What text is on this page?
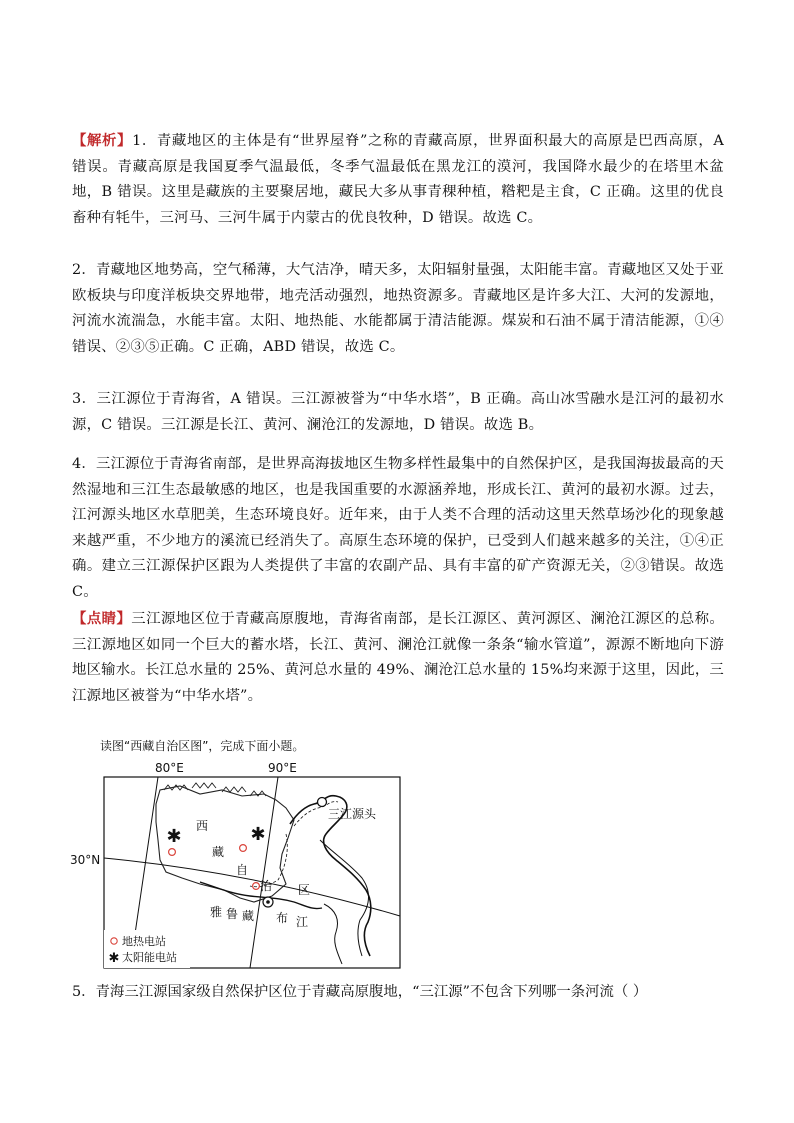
【解析】1．青藏地区的主体是有“世界屋脊”之称的青藏高原，世界面积最大的高原是巴西高原，A 错误。青藏高原是我国夏季气温最低，冬季气温最低在黑龙江的漠河，我国降水最少的在塔里木盆地，B 错误。这里是藏族的主要聚居地，藏民大多从事青稞种植，糌粑是主食，C 正确。这里的优良畜种有牦牛，三河马、三河牛属于内蒙古的优良牧种，D 错误。故选 C。

2．青藏地区地势高，空气稀薄，大气洁净，晴天多，太阳辐射量强，太阳能丰富。青藏地区又处于亚欧板块与印度洋板块交界地带，地壳活动强烈，地热资源多。青藏地区是许多大江、大河的发源地，河流水流湍急，水能丰富。太阳、地热能、水能都属于清洁能源。煤炭和石油不属于清洁能源，①④错误、②③⑤正确。C 正确，ABD 错误，故选 C。

3．三江源位于青海省，A 错误。三江源被誉为“中华水塔”，B 正确。高山冰雪融水是江河的最初水源，C 错误。三江源是长江、黄河、澜沧江的发源地，D 错误。故选 B。

4．三江源位于青海省南部，是世界高海拔地区生物多样性最集中的自然保护区，是我国海拔最高的天然湿地和三江生态最敏感的地区，也是我国重要的水源涵养地，形成长江、黄河的最初水源。过去，江河源头地区水草肥美，生态环境良好。近年来，由于人类不合理的活动这里天然草场沙化的现象越来越严重，不少地方的溪流已经消失了。高原生态环境的保护，已受到人们越来越多的关注，①④正确。建立三江源保护区跟为人类提供了丰富的农副产品、具有丰富的矿产资源无关，②③错误。故选 C。

【点睛】三江源地区位于青藏高原腹地，青海省南部，是长江源区、黄河源区、澜沧江源区的总称。三江源地区如同一个巨大的蓄水塔，长江、黄河、澜沧江就像一条条“输水管道”，源源不断地向下游地区输水。长江总水量的 25%、黄河总水量的 49%、澜沧江总水量的 15%均来源于这里，因此，三江源地区被誉为“中华水塔”。

读图“西藏自治区图”，完成下面小题。
80°E	90°E
30°N
三江源头
西
藏
自
治 区
雅 鲁 藏 布 江
✱	✱
地热电站
✱ 太阳能电站
5．青海三江源国家级自然保护区位于青藏高原腹地，“三江源”不包含下列哪一条河流（ ）
